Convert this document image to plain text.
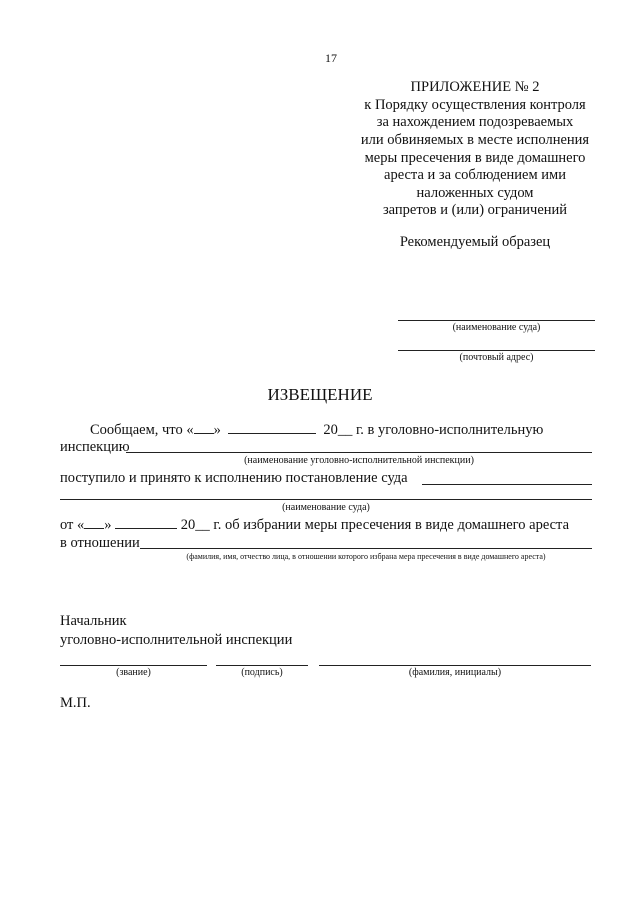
17
ПРИЛОЖЕНИЕ № 2
к Порядку осуществления контроля
за нахождением подозреваемых
или обвиняемых в месте исполнения
меры пресечения в виде домашнего
ареста и за соблюдением ими
наложенных судом
запретов и (или) ограничений
Рекомендуемый образец
(наименование суда)
(почтовый адрес)
ИЗВЕЩЕНИЕ
Сообщаем, что « »	20__ г. в уголовно-исполнительную
инспекцию
(наименование уголовно-исполнительной инспекции)
поступило и принято к исполнению постановление суда
(наименование суда)
от « »	20__ г. об избрании меры пресечения в виде домашнего ареста
в отношении
(фамилия, имя, отчество лица, в отношении которого избрана мера пресечения в виде домашнего ареста)
Начальник
уголовно-исполнительной инспекции
(звание)	(подпись)	(фамилия, инициалы)
М.П.
